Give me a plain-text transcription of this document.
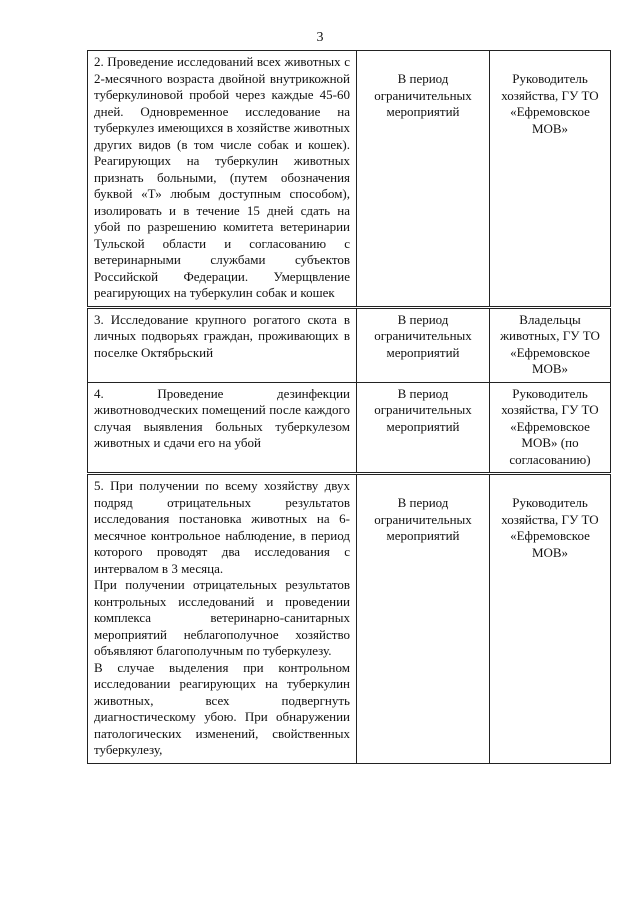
3
2. Проведение исследований всех животных с 2-месячного возраста двойной внутрикожной туберкулиновой пробой через каждые 45-60 дней. Одновременное исследование на туберкулез имеющихся в хозяйстве животных других видов (в том числе собак и кошек). Реагирующих на туберкулин животных признать больными, (путем обозначения буквой «Т» любым доступным способом), изолировать и в течение 15 дней сдать на убой по разрешению комитета ветеринарии Тульской области и согласованию с ветеринарными службами субъектов Российской Федерации. Умерщвление реагирующих на туберкулин собак и кошек	В период ограничительных мероприятий	Руководитель хозяйства, ГУ ТО «Ефремовское МОВ»
3. Исследование крупного рогатого скота в личных подворьях граждан, проживающих в поселке Октябрьский	В период ограничительных мероприятий	Владельцы животных, ГУ ТО «Ефремовское МОВ»
4. Проведение дезинфекции животноводческих помещений после каждого случая выявления больных туберкулезом животных и сдачи его на убой	В период ограничительных мероприятий	Руководитель хозяйства, ГУ ТО «Ефремовское МОВ» (по согласованию)

5. При получении по всему хозяйству двух подряд отрицательных результатов исследования постановка животных на 6-месячное контрольное наблюдение, в период которого проводят два исследования с интервалом в 3 месяца.

При получении отрицательных результатов контрольных исследований и проведении комплекса ветеринарно-санитарных мероприятий неблагополучное хозяйство объявляют благополучным по туберкулезу.

В случае выделения при контрольном исследовании реагирующих на туберкулин животных, всех подвергнуть диагностическому убою. При обнаружении патологических изменений, свойственных туберкулезу,	В период ограничительных мероприятий	Руководитель хозяйства, ГУ ТО «Ефремовское МОВ»
